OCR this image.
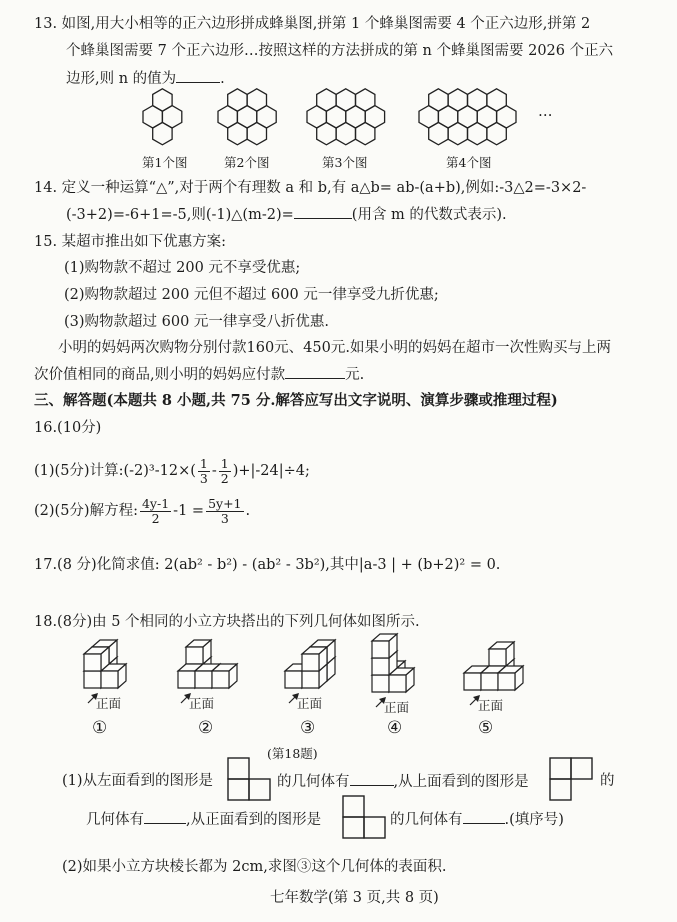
13. 如图,用大小相等的正六边形拼成蜂巢图,拼第 1 个蜂巢图需要 4 个正六边形,拼第 2
个蜂巢图需要 7 个正六边形…按照这样的方法拼成的第 n 个蜂巢图需要 2026 个正六
边形,则 n 的值为	.
…
第1个图	第2个图	第3个图	第4个图
14. 定义一种运算“△”,对于两个有理数 a 和 b,有 a△b= ab-(a+b),例如:-3△2=-3×2-
(-3+2)=-6+1=-5,则(-1)△(m-2)=	(用含 m 的代数式表示).
15. 某超市推出如下优惠方案:
(1)购物款不超过 200 元不享受优惠;
(2)购物款超过 200 元但不超过 600 元一律享受九折优惠;
(3)购物款超过 600 元一律享受八折优惠.
小明的妈妈两次购物分别付款160元、450元.如果小明的妈妈在超市一次性购买与上两
次价值相同的商品,则小明的妈妈应付款	元.
三、解答题(本题共 8 小题,共 75 分.解答应写出文字说明、演算步骤或推理过程)
16.(10分)
(1)(5分)计算:(-2)³-12×( $\frac{1}{3} - \frac{1}{2} )+|-24|\div 4$;
(2)(5分)解方程: $\frac{4y-1}{2} -1 = \frac{5y+1}{3}$ .
17.(8 分)化简求值: 2(ab² - b²) - (ab² - 3b²),其中|a-3 | + (b+2)² = 0.
18.(8分)由 5 个相同的小立方块搭出的下列几何体如图所示.
正面	正面	正面	正面	正面
①	②	③	④	⑤
(第18题)
(1)从左面看到的图形是	的几何体有	,从上面看到的图形是	的
几何体有	,从正面看到的图形是	的几何体有	.(填序号)
(2)如果小立方块棱长都为 2cm,求图③这个几何体的表面积.
七年数学(第 3 页,共 8 页)
